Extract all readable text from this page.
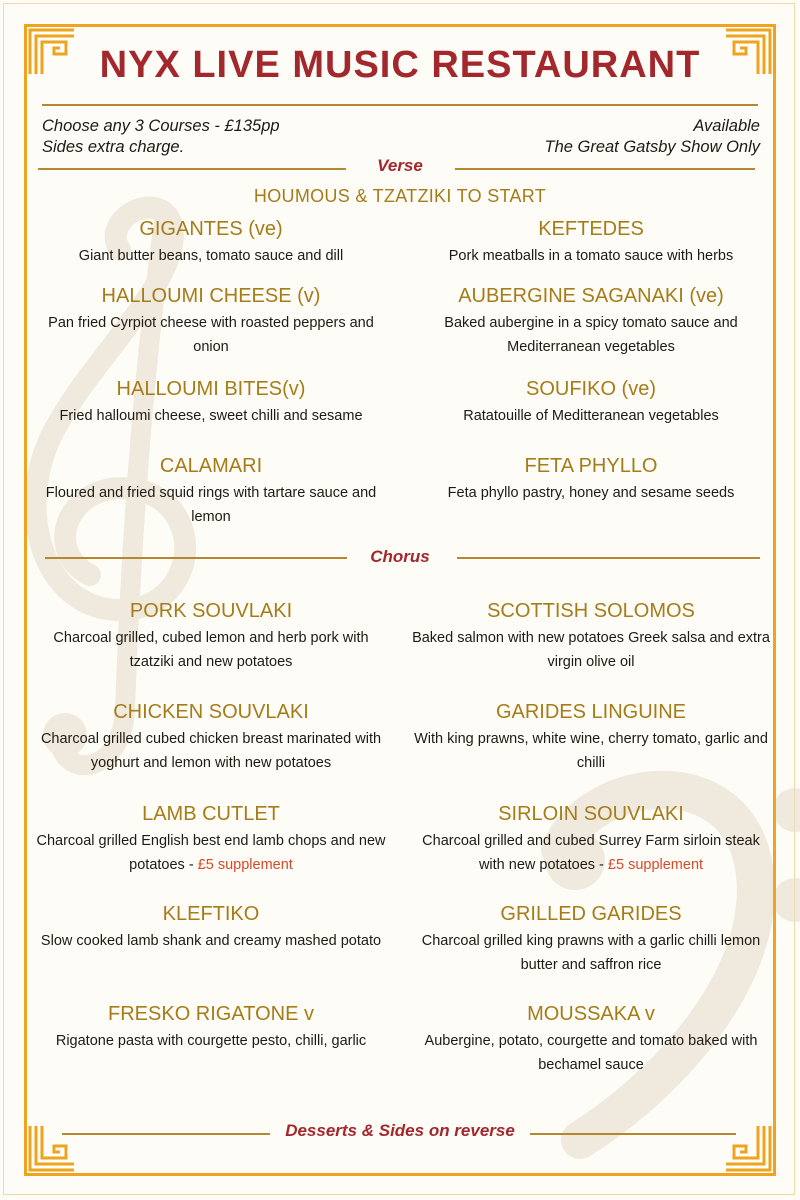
NYX LIVE MUSIC RESTAURANT
Choose any 3 Courses - £135pp
Sides extra charge.
Available
The Great Gatsby Show Only
Verse
HOUMOUS & TZATZIKI TO START
GIGANTES (ve)
Giant butter beans, tomato sauce and dill
KEFTEDES
Pork meatballs in a tomato sauce with herbs
HALLOUMI CHEESE (v)
Pan fried Cyrpiot cheese with roasted peppers and onion
AUBERGINE SAGANAKI (ve)
Baked aubergine in a spicy tomato sauce and Mediterranean vegetables
HALLOUMI BITES(v)
Fried halloumi cheese, sweet chilli and sesame
SOUFIKO (ve)
Ratatouille of Meditteranean vegetables
CALAMARI
Floured and fried squid rings with tartare sauce and lemon
FETA PHYLLO
Feta phyllo pastry, honey and sesame seeds
Chorus
PORK SOUVLAKI
Charcoal grilled, cubed lemon and herb pork with tzatziki and new potatoes
SCOTTISH SOLOMOS
Baked salmon with new potatoes Greek salsa and extra virgin olive oil
CHICKEN SOUVLAKI
Charcoal grilled cubed chicken breast marinated with yoghurt and lemon with new potatoes
GARIDES LINGUINE
With king prawns, white wine, cherry tomato, garlic and chilli
LAMB CUTLET
Charcoal grilled English best end lamb chops and new potatoes - £5 supplement
SIRLOIN SOUVLAKI
Charcoal grilled and cubed Surrey Farm sirloin steak with new potatoes - £5 supplement
KLEFTIKO
Slow cooked lamb shank and creamy mashed potato
GRILLED GARIDES
Charcoal grilled king prawns with a garlic chilli lemon butter and saffron rice
FRESKO RIGATONE v
Rigatone pasta with courgette pesto, chilli, garlic
MOUSSAKA v
Aubergine, potato, courgette and tomato baked with bechamel sauce
Desserts & Sides on reverse
